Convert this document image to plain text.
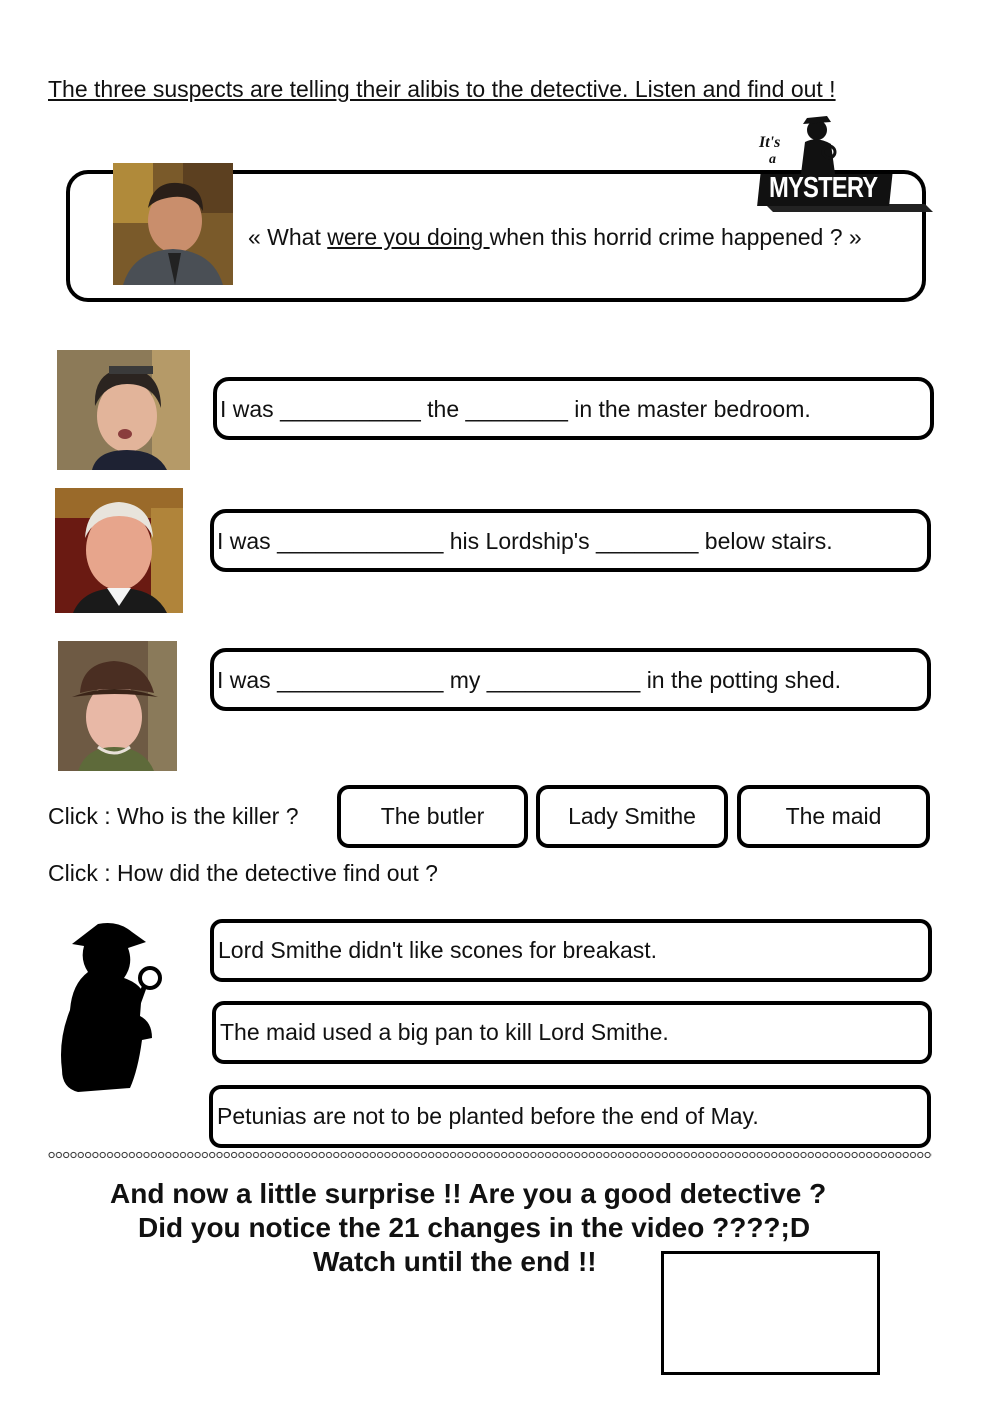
The three suspects are telling their alibis to the detective. Listen and find out !
« What were you doing when this horrid crime happened ? »
It's
a
MYSTERY
I was ___________ the ________ in the master bedroom.
I was _____________ his Lordship's ________ below stairs.
I was _____________ my ____________ in the potting shed.
Click : Who is the killer ?	The butler	Lady Smithe	The maid
Click : How did the detective find out ?
Lord Smithe didn't like scones for breakast.
The maid used a big pan to kill Lord Smithe.
Petunias are not to be planted before the end of May.
And now a little surprise !! Are you a good detective ?
Did you notice the 21 changes in the video ????;D
Watch until the end !!
